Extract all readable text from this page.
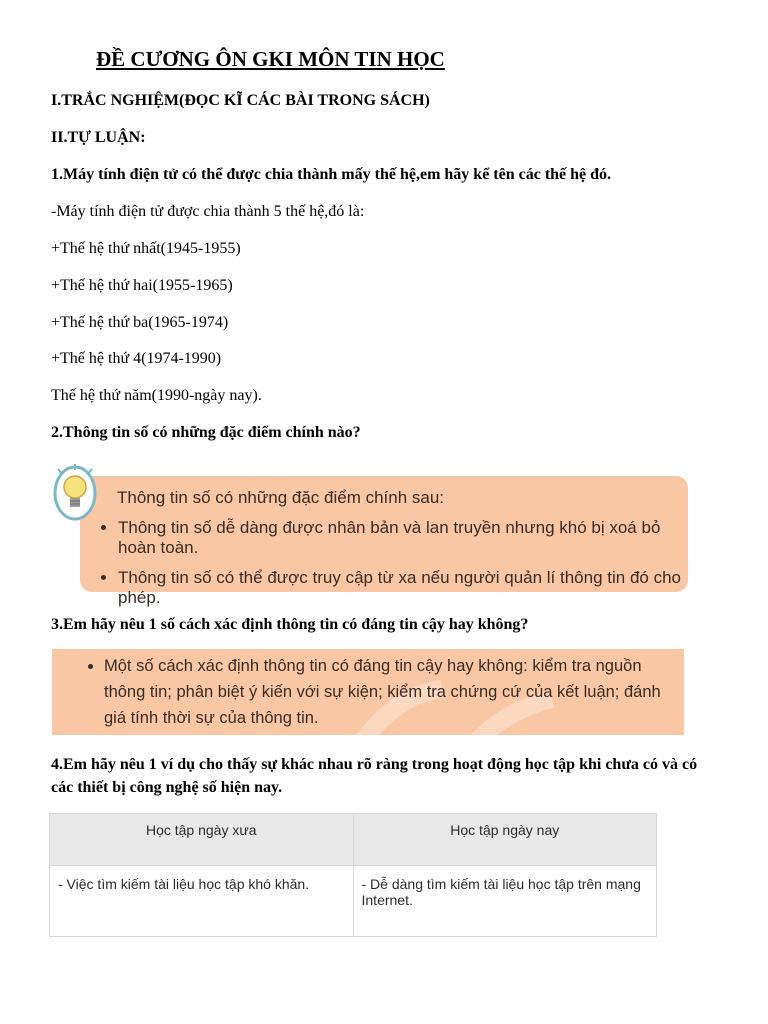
ĐỀ CƯƠNG ÔN GKI MÔN TIN HỌC
I.TRẮC NGHIỆM(ĐỌC KĨ CÁC BÀI TRONG SÁCH)
II.TỰ LUẬN:
1.Máy tính điện tử có thể được chia thành mấy thế hệ,em hãy kể tên các thế hệ đó.
-Máy tính điện tử được chia thành 5 thế hệ,đó là:
+Thế hệ thứ nhất(1945-1955)
+Thế hệ thứ hai(1955-1965)
+Thế hệ thứ ba(1965-1974)
+Thế hệ thứ 4(1974-1990)
Thế hệ thứ năm(1990-ngày nay).
2.Thông tin số có những đặc điểm chính nào?
Thông tin số có những đặc điểm chính sau:
• Thông tin số dễ dàng được nhân bản và lan truyền nhưng khó bị xoá bỏ hoàn toàn.
• Thông tin số có thể được truy cập từ xa nếu người quản lí thông tin đó cho phép.
3.Em hãy nêu 1 số cách xác định thông tin có đáng tin cậy hay không?
• Một số cách xác định thông tin có đáng tin cậy hay không: kiểm tra nguồn thông tin; phân biệt ý kiến với sự kiện; kiểm tra chứng cứ của kết luận; đánh giá tính thời sự của thông tin.
4.Em hãy nêu 1 ví dụ cho thấy sự khác nhau rõ ràng trong hoạt động học tập khi chưa có và có các thiết bị công nghệ số hiện nay.
Học tập ngày xưa	Học tập ngày nay
- Việc tìm kiếm tài liệu học tập khó khăn.	- Dễ dàng tìm kiếm tài liệu học tập trên mạng Internet.
